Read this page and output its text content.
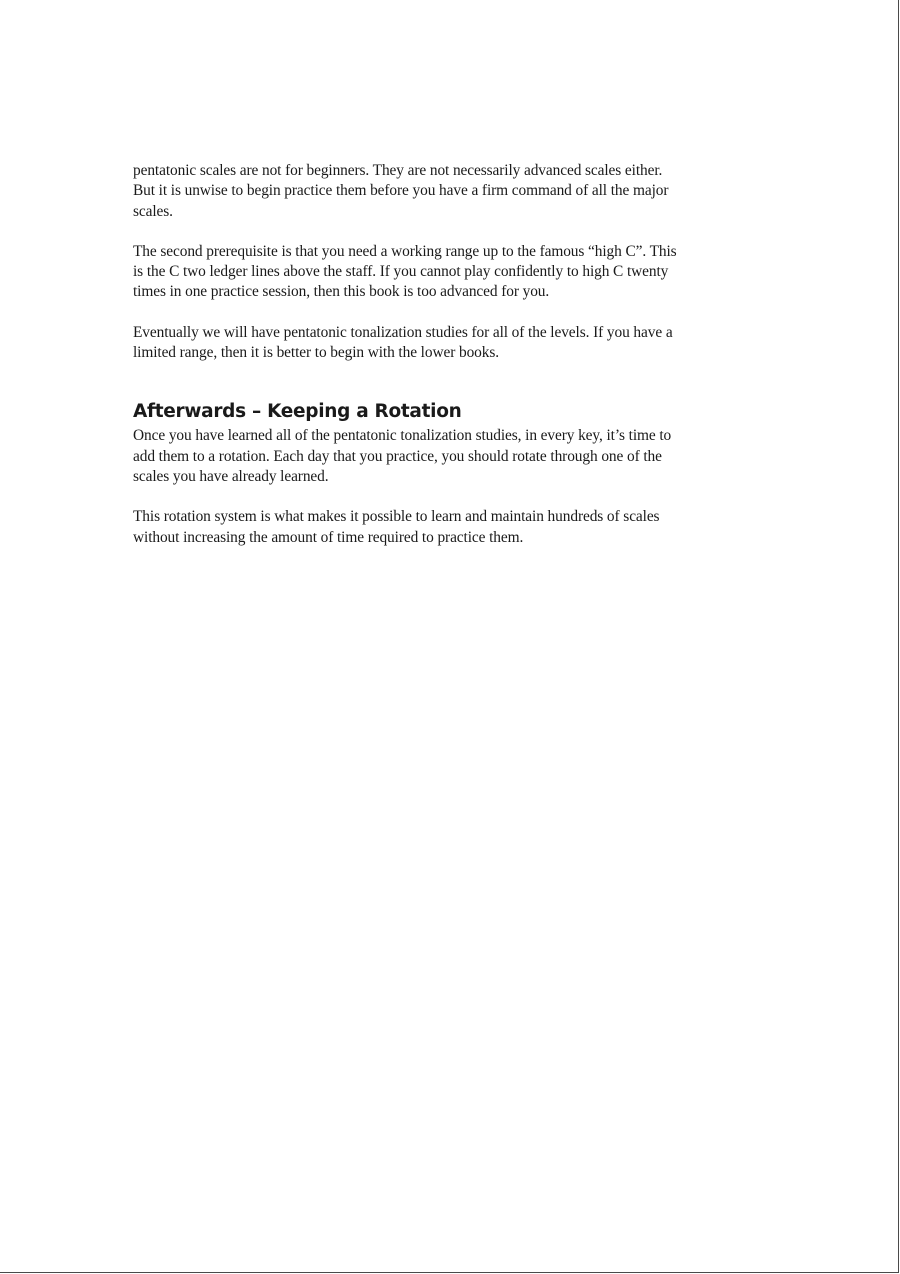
pentatonic scales are not for beginners. They are not necessarily advanced scales either.
But it is unwise to begin practice them before you have a firm command of all the major
scales.

The second prerequisite is that you need a working range up to the famous “high C”. This
is the C two ledger lines above the staff. If you cannot play confidently to high C twenty
times in one practice session, then this book is too advanced for you.

Eventually we will have pentatonic tonalization studies for all of the levels. If you have a
limited range, then it is better to begin with the lower books.

Afterwards – Keeping a Rotation

Once you have learned all of the pentatonic tonalization studies, in every key, it’s time to
add them to a rotation. Each day that you practice, you should rotate through one of the
scales you have already learned.

This rotation system is what makes it possible to learn and maintain hundreds of scales
without increasing the amount of time required to practice them.
